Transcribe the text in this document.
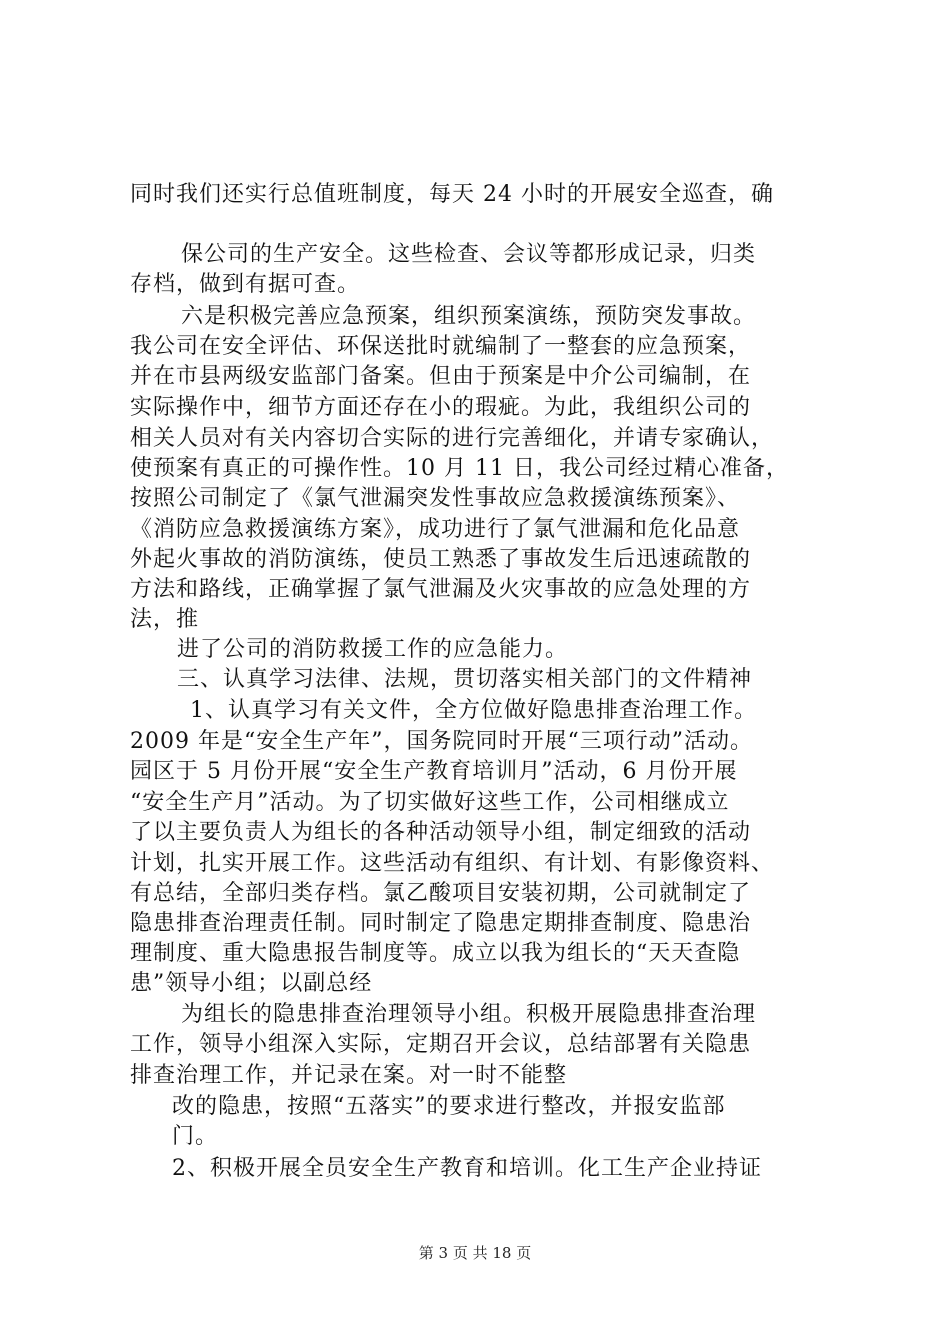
同时我们还实行总值班制度，每天 24 小时的开展安全巡查，确
保公司的生产安全。这些检查、会议等都形成记录，归类
存档，做到有据可查。
六是积极完善应急预案，组织预案演练，预防突发事故。
我公司在安全评估、环保送批时就编制了一整套的应急预案，
并在市县两级安监部门备案。但由于预案是中介公司编制，在
实际操作中，细节方面还存在小的瑕疵。为此，我组织公司的
相关人员对有关内容切合实际的进行完善细化，并请专家确认，
使预案有真正的可操作性。10 月 11 日，我公司经过精心准备，
按照公司制定了《氯气泄漏突发性事故应急救援演练预案》、
《消防应急救援演练方案》，成功进行了氯气泄漏和危化品意
外起火事故的消防演练，使员工熟悉了事故发生后迅速疏散的
方法和路线，正确掌握了氯气泄漏及火灾事故的应急处理的方
法，推
进了公司的消防救援工作的应急能力。
三、认真学习法律、法规，贯切落实相关部门的文件精神
1、认真学习有关文件，全方位做好隐患排查治理工作。
2009 年是“安全生产年”，国务院同时开展“三项行动”活动。
园区于 5 月份开展“安全生产教育培训月”活动，6 月份开展
“安全生产月”活动。为了切实做好这些工作，公司相继成立
了以主要负责人为组长的各种活动领导小组，制定细致的活动
计划，扎实开展工作。这些活动有组织、有计划、有影像资料、
有总结，全部归类存档。氯乙酸项目安装初期，公司就制定了
隐患排查治理责任制。同时制定了隐患定期排查制度、隐患治
理制度、重大隐患报告制度等。成立以我为组长的“天天查隐
患”领导小组；以副总经
为组长的隐患排查治理领导小组。积极开展隐患排查治理
工作，领导小组深入实际，定期召开会议，总结部署有关隐患
排查治理工作，并记录在案。对一时不能整
改的隐患，按照“五落实”的要求进行整改，并报安监部
门。
2、积极开展全员安全生产教育和培训。化工生产企业持证
第 3 页 共 18 页
